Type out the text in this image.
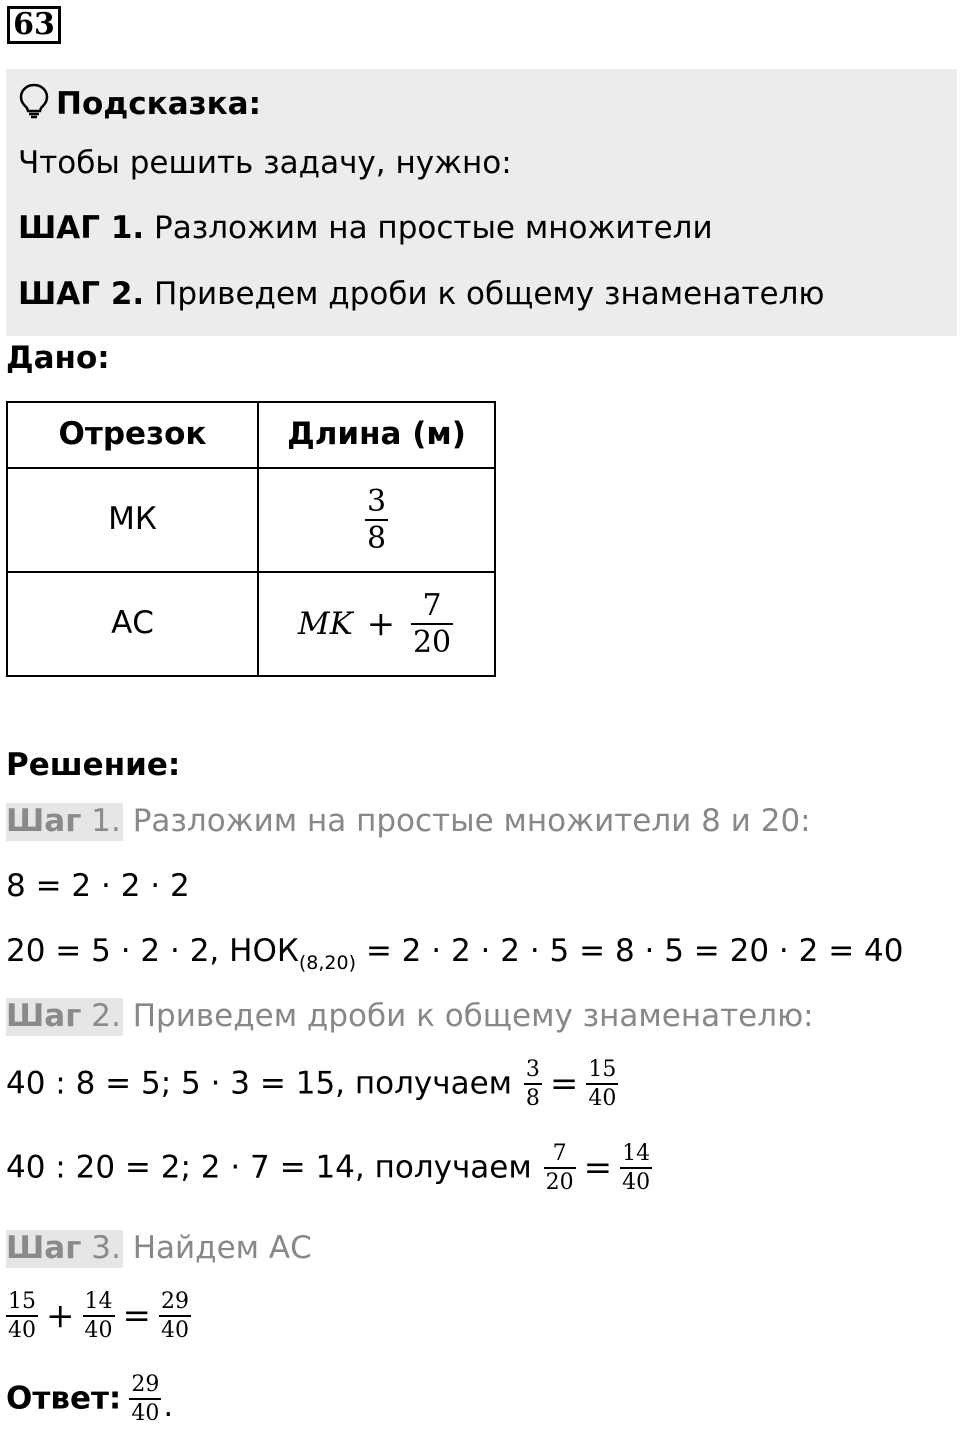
63
Подсказка:
Чтобы решить задачу, нужно:
ШАГ 1. Разложим на простые множители
ШАГ 2. Приведем дроби к общему знаменателю
Дано:
Отрезок	Длина (м)
МК	$\frac{3}{8}$

АС	MK + $\frac{7}{20}$
Решение:
Шаг 1. Разложим на простые множители 8 и 20:
8 = 2 · 2 · 2
20 = 5 · 2 · 2, $НОК_{(8,20)} = 2 \cdot 2 \cdot 2 \cdot 5 = 8 \cdot 5 = 20 \cdot 2 = 40$
Шаг 2. Приведем дроби к общему знаменателю:
40 : 8 = 5; 5 · 3 = 15, получаем $\frac{3}{8} = \frac{15}{40}$
40 : 20 = 2; 2 · 7 = 14, получаем $\frac{7}{20} = \frac{14}{40}$
Шаг 3. Найдем АС
$\frac{15}{40} + \frac{14}{40} = \frac{29}{40}$
Ответ: $\frac{29}{40}$ .
